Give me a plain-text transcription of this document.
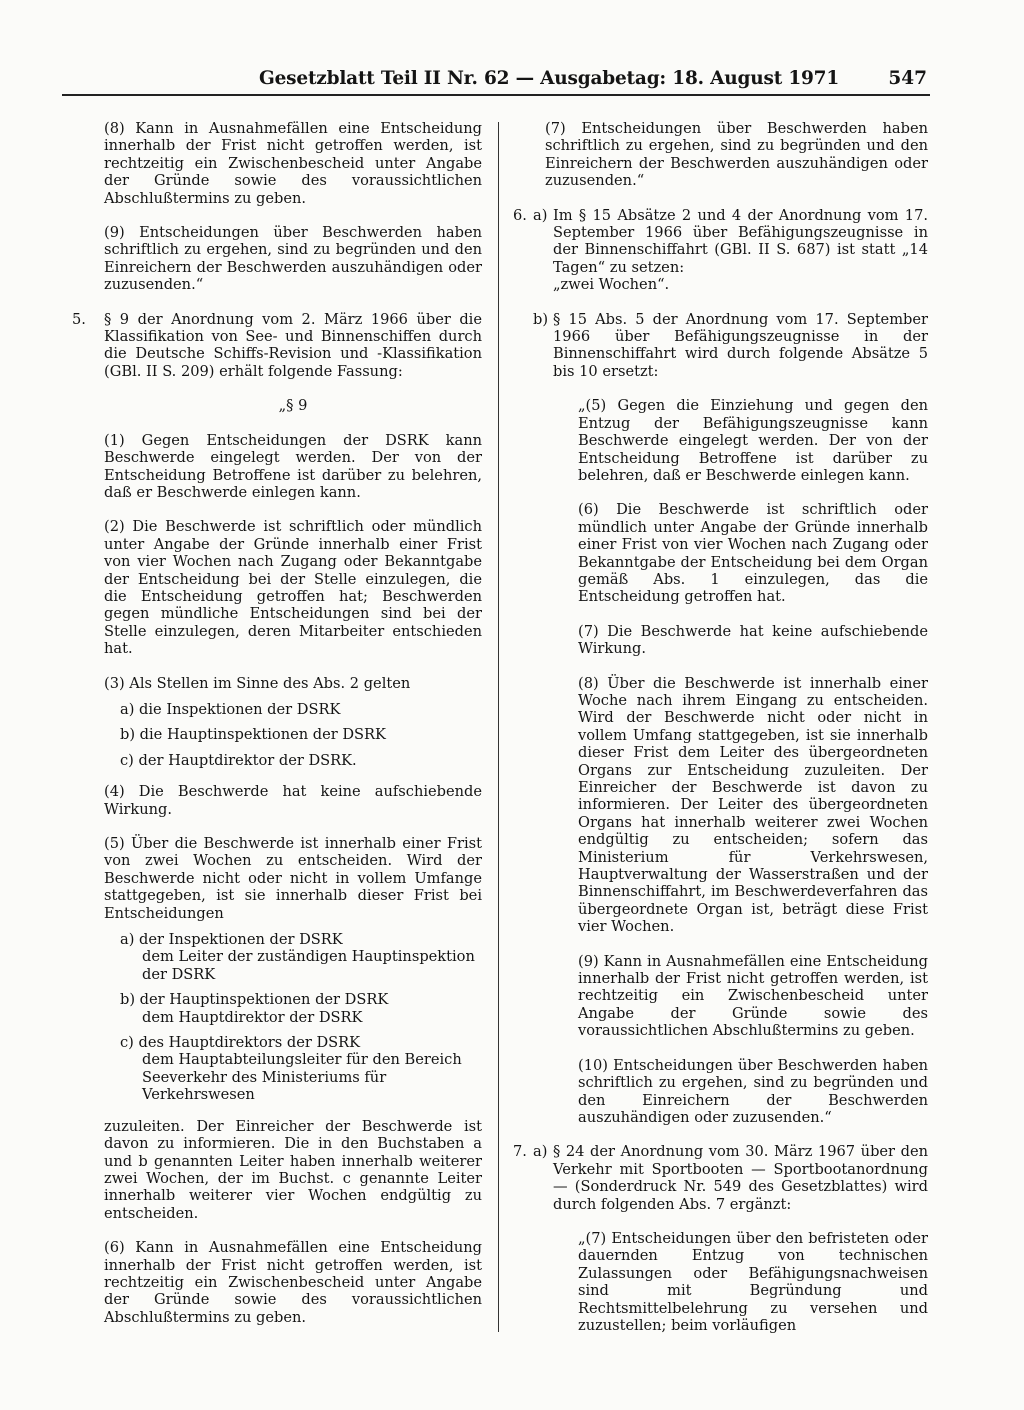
Gesetzblatt Teil II Nr. 62 — Ausgabetag: 18. August 1971	547

(8) Kann in Ausnahmefällen eine Entscheidung innerhalb der Frist nicht getroffen werden, ist rechtzeitig ein Zwischenbescheid unter Angabe der Gründe sowie des voraussichtlichen Abschlußtermins zu geben.

(9) Entscheidungen über Beschwerden haben schriftlich zu ergehen, sind zu begründen und den Einreichern der Beschwerden auszuhändigen oder zuzusenden.“

5. § 9 der Anordnung vom 2. März 1966 über die Klassifikation von See- und Binnenschiffen durch die Deutsche Schiffs-Revision und -Klassifikation (GBl. II S. 209) erhält folgende Fassung:
„§ 9

(1) Gegen Entscheidungen der DSRK kann Beschwerde eingelegt werden. Der von der Entscheidung Betroffene ist darüber zu belehren, daß er Beschwerde einlegen kann.

(2) Die Beschwerde ist schriftlich oder mündlich unter Angabe der Gründe innerhalb einer Frist von vier Wochen nach Zugang oder Bekanntgabe der Entscheidung bei der Stelle einzulegen, die die Entscheidung getroffen hat; Beschwerden gegen mündliche Entscheidungen sind bei der Stelle einzulegen, deren Mitarbeiter entschieden hat.

(3) Als Stellen im Sinne des Abs. 2 gelten

a) die Inspektionen der DSRK
b) die Hauptinspektionen der DSRK
c) der Hauptdirektor der DSRK.

(4) Die Beschwerde hat keine aufschiebende Wirkung.

(5) Über die Beschwerde ist innerhalb einer Frist von zwei Wochen zu entscheiden. Wird der Beschwerde nicht oder nicht in vollem Umfange stattgegeben, ist sie innerhalb dieser Frist bei Entscheidungen

a) der Inspektionen der DSRK
dem Leiter der zuständigen Hauptinspektion der DSRK
b) der Hauptinspektionen der DSRK
dem Hauptdirektor der DSRK
c) des Hauptdirektors der DSRK
dem Hauptabteilungsleiter für den Bereich Seeverkehr des Ministeriums für Verkehrswesen

zuzuleiten. Der Einreicher der Beschwerde ist davon zu informieren. Die in den Buchstaben a und b genannten Leiter haben innerhalb weiterer zwei Wochen, der im Buchst. c genannte Leiter innerhalb weiterer vier Wochen endgültig zu entscheiden.

(6) Kann in Ausnahmefällen eine Entscheidung innerhalb der Frist nicht getroffen werden, ist rechtzeitig ein Zwischenbescheid unter Angabe der Gründe sowie des voraussichtlichen Abschlußtermins zu geben.

(7) Entscheidungen über Beschwerden haben schriftlich zu ergehen, sind zu begründen und den Einreichern der Beschwerden auszuhändigen oder zuzusenden.“

6. a) Im § 15 Absätze 2 und 4 der Anordnung vom 17. September 1966 über Befähigungszeugnisse in der Binnenschiffahrt (GBl. II S. 687) ist statt „14 Tagen“ zu setzen:
„zwei Wochen“.
b) § 15 Abs. 5 der Anordnung vom 17. September 1966 über Befähigungszeugnisse in der Binnenschiffahrt wird durch folgende Absätze 5 bis 10 ersetzt:

„(5) Gegen die Einziehung und gegen den Entzug der Befähigungszeugnisse kann Beschwerde eingelegt werden. Der von der Entscheidung Betroffene ist darüber zu belehren, daß er Beschwerde einlegen kann.

(6) Die Beschwerde ist schriftlich oder mündlich unter Angabe der Gründe innerhalb einer Frist von vier Wochen nach Zugang oder Bekanntgabe der Entscheidung bei dem Organ gemäß Abs. 1 einzulegen, das die Entscheidung getroffen hat.

(7) Die Beschwerde hat keine aufschiebende Wirkung.

(8) Über die Beschwerde ist innerhalb einer Woche nach ihrem Eingang zu entscheiden. Wird der Beschwerde nicht oder nicht in vollem Umfang stattgegeben, ist sie innerhalb dieser Frist dem Leiter des übergeordneten Organs zur Entscheidung zuzuleiten. Der Einreicher der Beschwerde ist davon zu informieren. Der Leiter des übergeordneten Organs hat innerhalb weiterer zwei Wochen endgültig zu entscheiden; sofern das Ministerium für Verkehrswesen, Hauptverwaltung der Wasserstraßen und der Binnenschiffahrt, im Beschwerdeverfahren das übergeordnete Organ ist, beträgt diese Frist vier Wochen.

(9) Kann in Ausnahmefällen eine Entscheidung innerhalb der Frist nicht getroffen werden, ist rechtzeitig ein Zwischenbescheid unter Angabe der Gründe sowie des voraussichtlichen Abschlußtermins zu geben.

(10) Entscheidungen über Beschwerden haben schriftlich zu ergehen, sind zu begründen und den Einreichern der Beschwerden auszuhändigen oder zuzusenden.“

7. a) § 24 der Anordnung vom 30. März 1967 über den Verkehr mit Sportbooten — Sportbootanordnung — (Sonderdruck Nr. 549 des Gesetzblattes) wird durch folgenden Abs. 7 ergänzt:

„(7) Entscheidungen über den befristeten oder dauernden Entzug von technischen Zulassungen oder Befähigungsnachweisen sind mit Begründung und Rechtsmittelbelehrung zu versehen und zuzustellen; beim vorläufigen
